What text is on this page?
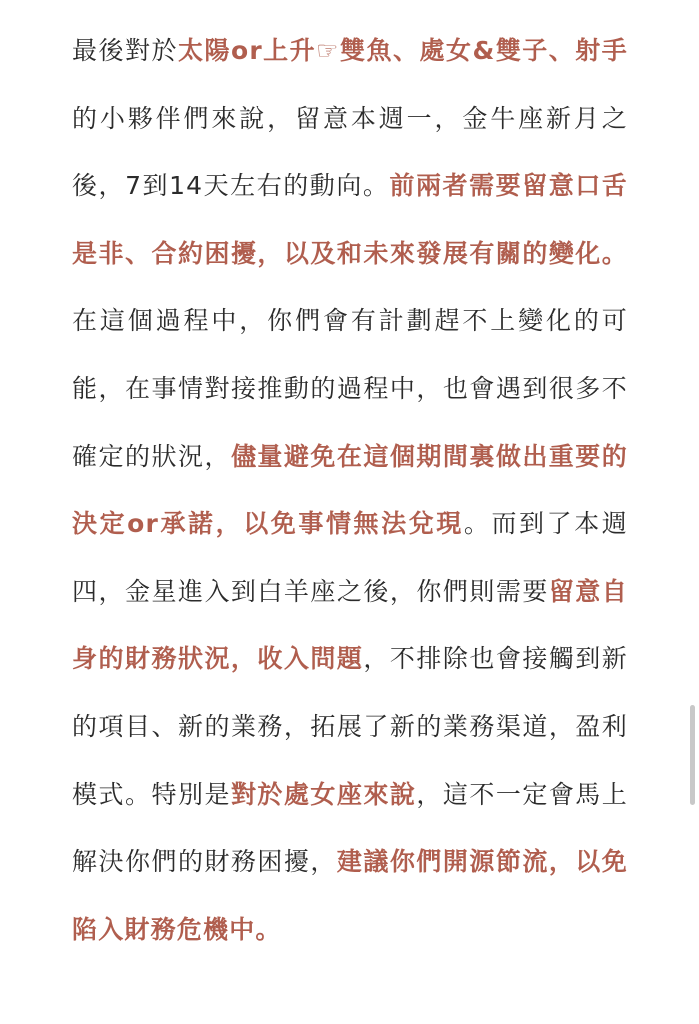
最後對於太陽or上升☞雙魚、處女&雙子、射手的小夥伴們來說，留意本週一，金牛座新月之後，7到14天左右的動向。前兩者需要留意口舌是非、合約困擾，以及和未來發展有關的變化。在這個過程中，你們會有計劃趕不上變化的可能，在事情對接推動的過程中，也會遇到很多不確定的狀況，儘量避免在這個期間裏做出重要的決定or承諾，以免事情無法兌現。而到了本週四，金星進入到白羊座之後，你們則需要留意自身的財務狀況，收入問題，不排除也會接觸到新的項目、新的業務，拓展了新的業務渠道，盈利模式。特別是對於處女座來說，這不一定會馬上解決你們的財務困擾，建議你們開源節流，以免陷入財務危機中。
